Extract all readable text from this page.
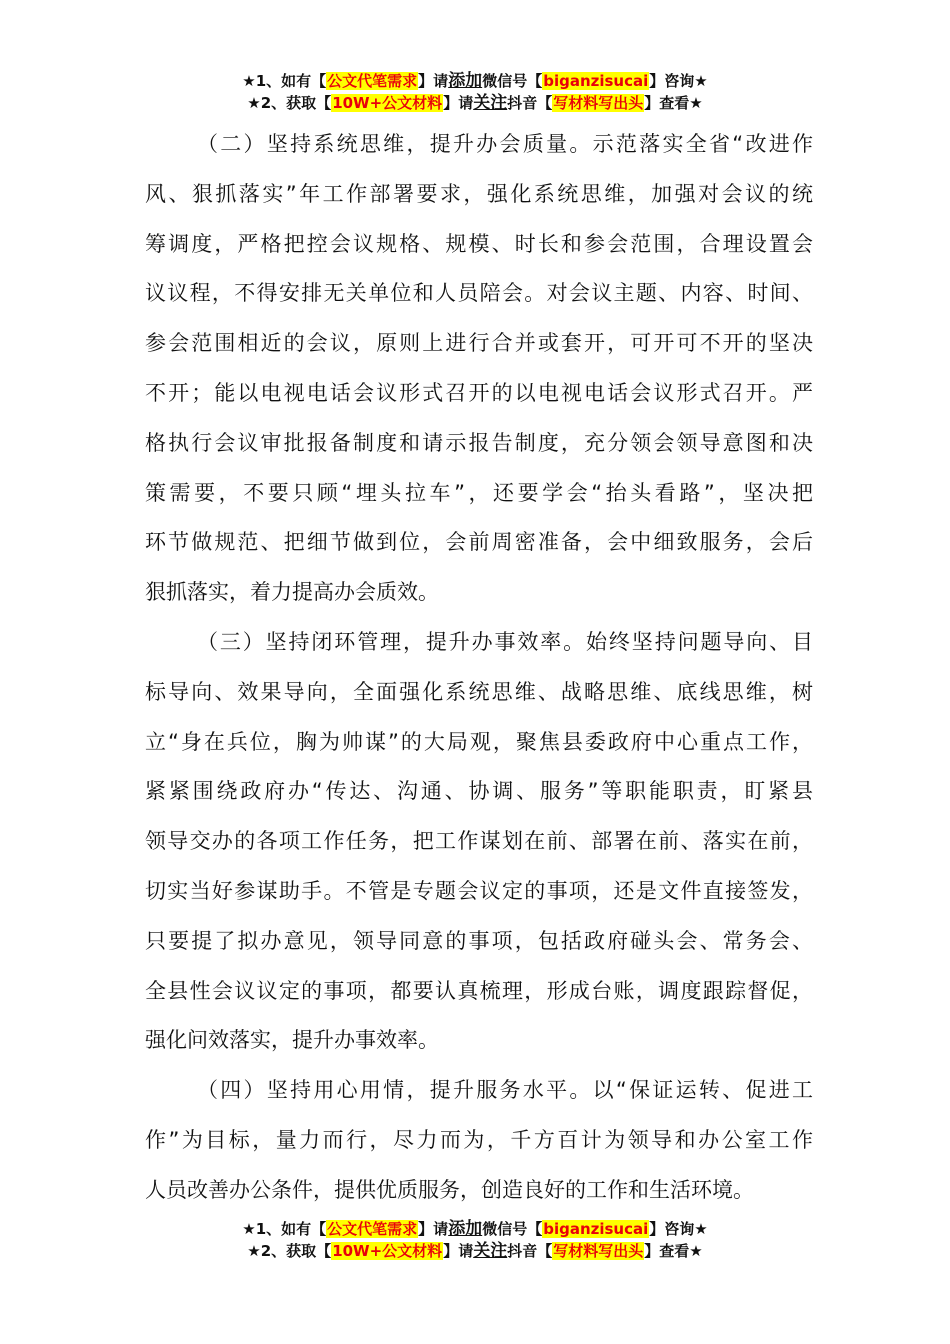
★1、如有【公文代笔需求】请添加微信号【biganzisucai】咨询★
★2、获取【10W+公文材料】请关注抖音【写材料写出头】查看★
（二）坚持系统思维，提升办会质量。示范落实全省“改进作
风、狠抓落实”年工作部署要求，强化系统思维，加强对会议的统
筹调度，严格把控会议规格、规模、时长和参会范围，合理设置会
议议程，不得安排无关单位和人员陪会。对会议主题、内容、时间、
参会范围相近的会议，原则上进行合并或套开，可开可不开的坚决
不开；能以电视电话会议形式召开的以电视电话会议形式召开。严
格执行会议审批报备制度和请示报告制度，充分领会领导意图和决
策需要，不要只顾“埋头拉车”，还要学会“抬头看路”，坚决把
环节做规范、把细节做到位，会前周密准备，会中细致服务，会后
狠抓落实，着力提高办会质效。
（三）坚持闭环管理，提升办事效率。始终坚持问题导向、目
标导向、效果导向，全面强化系统思维、战略思维、底线思维，树
立“身在兵位，胸为帅谋”的大局观，聚焦县委政府中心重点工作，
紧紧围绕政府办“传达、沟通、协调、服务”等职能职责，盯紧县
领导交办的各项工作任务，把工作谋划在前、部署在前、落实在前，
切实当好参谋助手。不管是专题会议定的事项，还是文件直接签发，
只要提了拟办意见，领导同意的事项，包括政府碰头会、常务会、
全县性会议议定的事项，都要认真梳理，形成台账，调度跟踪督促，
强化问效落实，提升办事效率。
（四）坚持用心用情，提升服务水平。以“保证运转、促进工
作”为目标，量力而行，尽力而为，千方百计为领导和办公室工作
人员改善办公条件，提供优质服务，创造良好的工作和生活环境。
★1、如有【公文代笔需求】请添加微信号【biganzisucai】咨询★
★2、获取【10W+公文材料】请关注抖音【写材料写出头】查看★
